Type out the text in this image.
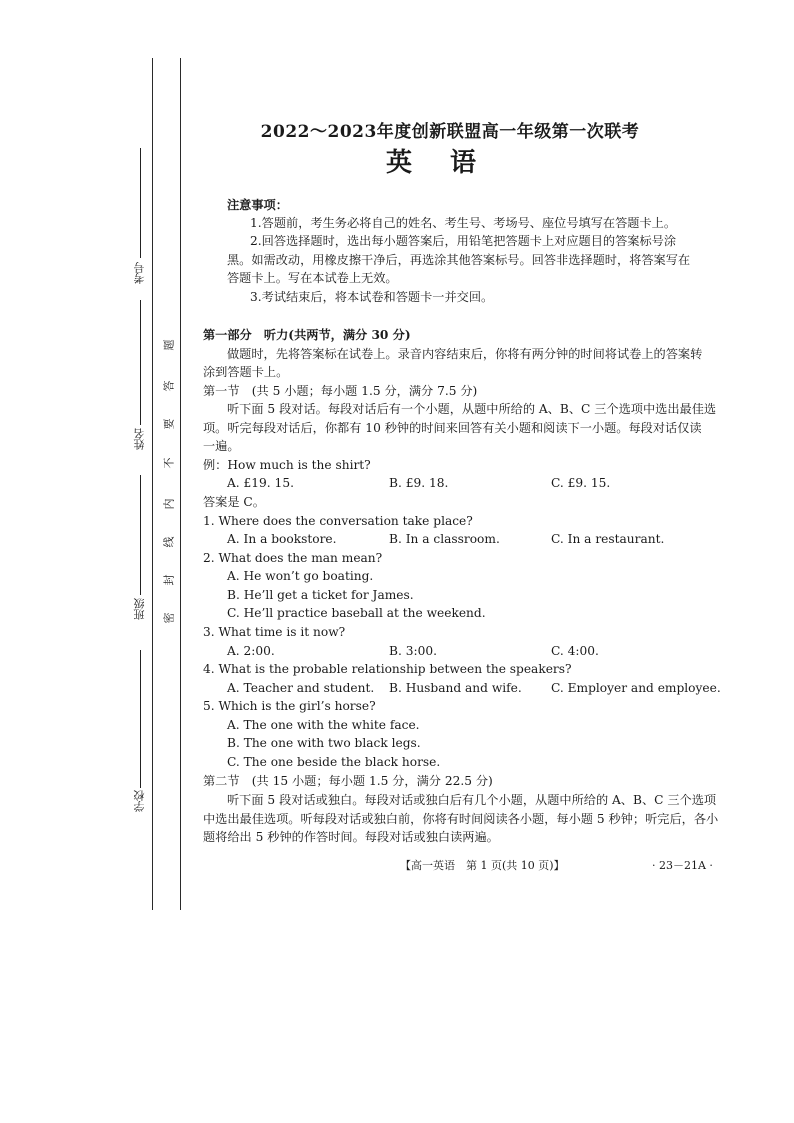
考号
姓名
班级
学校
密
封
线
内
不
要
答
题
2022～2023年度创新联盟高一年级第一次联考
英语
注意事项：
1.答题前，考生务必将自己的姓名、考生号、考场号、座位号填写在答题卡上。
2.回答选择题时，选出每小题答案后，用铅笔把答题卡上对应题目的答案标号涂
黑。如需改动，用橡皮擦干净后，再选涂其他答案标号。回答非选择题时，将答案写在
答题卡上。写在本试卷上无效。
3.考试结束后，将本试卷和答题卡一并交回。
第一部分　听力(共两节，满分 30 分)
做题时，先将答案标在试卷上。录音内容结束后，你将有两分钟的时间将试卷上的答案转
涂到答题卡上。
第一节　(共 5 小题；每小题 1.5 分，满分 7.5 分)
听下面 5 段对话。每段对话后有一个小题，从题中所给的 A、B、C 三个选项中选出最佳选
项。听完每段对话后，你都有 10 秒钟的时间来回答有关小题和阅读下一小题。每段对话仅读
一遍。
例：How much is the shirt?
A. £19. 15.	B. £9. 18.	C. £9. 15.
答案是 C。
1. Where does the conversation take place?
A. In a bookstore.	B. In a classroom.	C. In a restaurant.
2. What does the man mean?
A. He won’t go boating.
B. He’ll get a ticket for James.
C. He’ll practice baseball at the weekend.
3. What time is it now?
A. 2:00.	B. 3:00.	C. 4:00.
4. What is the probable relationship between the speakers?
A. Teacher and student. B. Husband and wife. C. Employer and employee.
5. Which is the girl’s horse?
A. The one with the white face.
B. The one with two black legs.
C. The one beside the black horse.
第二节　(共 15 小题；每小题 1.5 分，满分 22.5 分)
听下面 5 段对话或独白。每段对话或独白后有几个小题，从题中所给的 A、B、C 三个选项
中选出最佳选项。听每段对话或独白前，你将有时间阅读各小题，每小题 5 秒钟；听完后，各小
题将给出 5 秒钟的作答时间。每段对话或独白读两遍。
【高一英语　第 1 页(共 10 页)】	· 23－21A ·
